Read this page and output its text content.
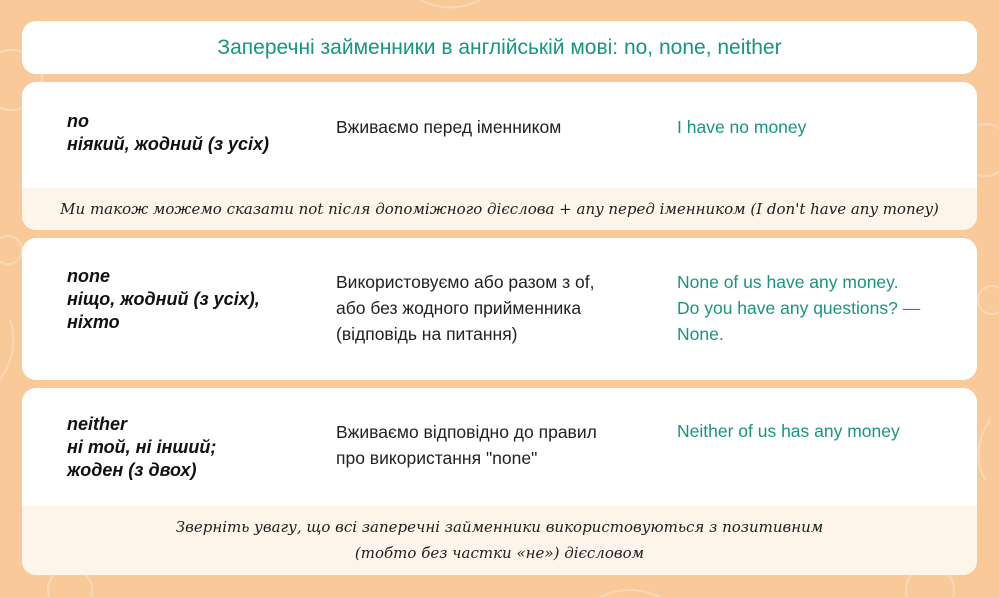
Заперечні займенники в англійській мові: no, none, neither
no
ніякий, жодний (з усіх)
Вживаємо перед іменником	I have no money
Ми також можемо сказати not після допоміжного дієслова + any перед іменником (I don't have any money)
none
ніщо, жодний (з усіх),
ніхто
Використовуємо або разом з of,
або без жодного прийменника
(відповідь на питання)
None of us have any money.
Do you have any questions? —
None.
neither
ні той, ні інший;
жоден (з двох)
Вживаємо відповідно до правил
про використання "none"
Neither of us has any money
Зверніть увагу, що всі заперечні займенники використовуються з позитивним
(тобто без частки «не») дієсловом
